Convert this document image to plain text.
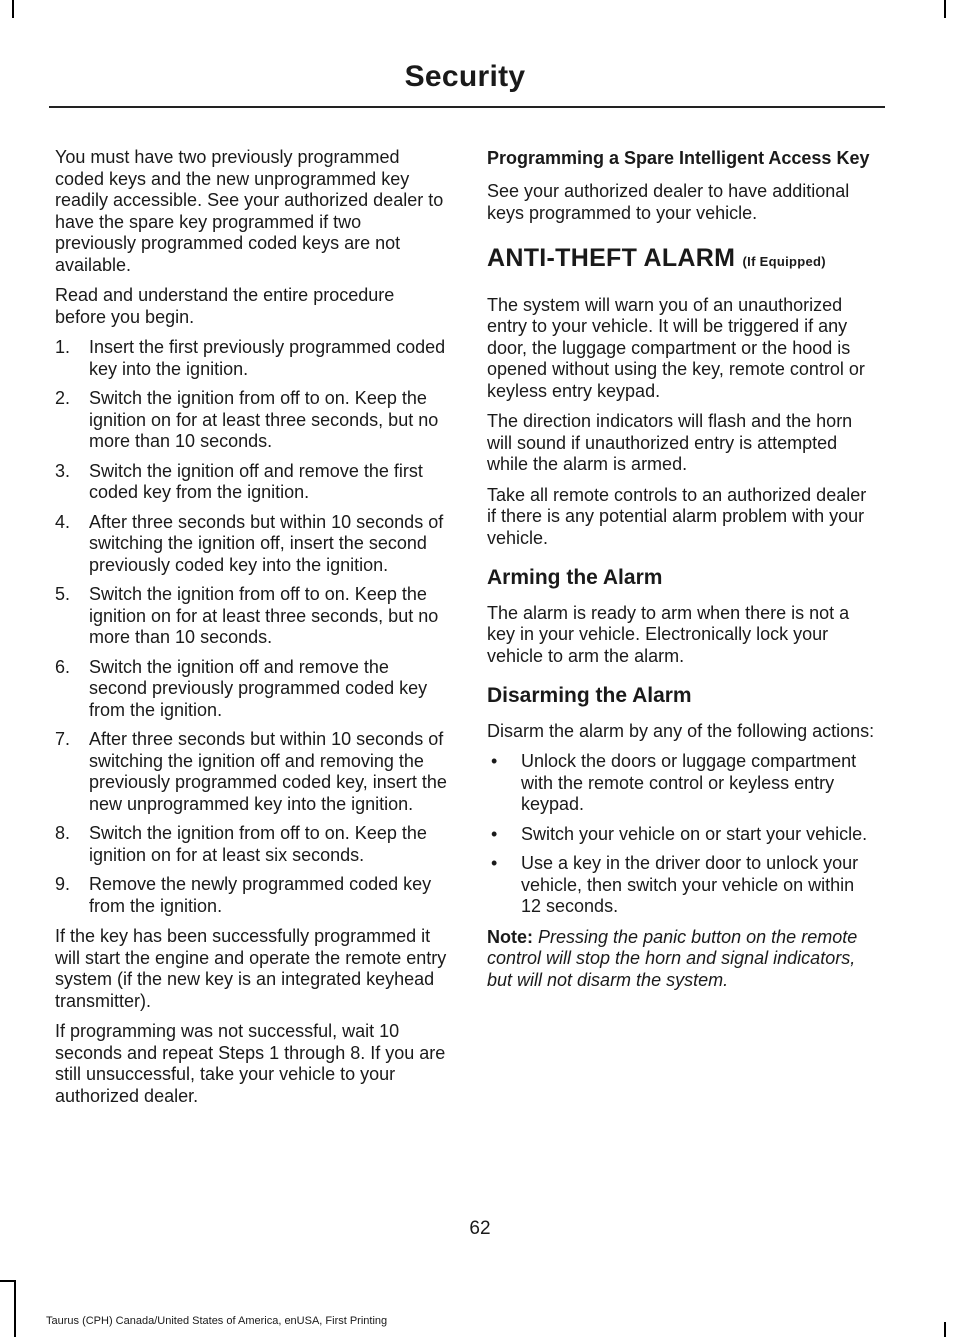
Security

You must have two previously programmed coded keys and the new unprogrammed key readily accessible. See your authorized dealer to have the spare key programmed if two previously programmed coded keys are not available.

Read and understand the entire procedure before you begin.

1. Insert the first previously programmed coded key into the ignition.
2. Switch the ignition from off to on. Keep the ignition on for at least three seconds, but no more than 10 seconds.
3. Switch the ignition off and remove the first coded key from the ignition.
4. After three seconds but within 10 seconds of switching the ignition off, insert the second previously coded key into the ignition.
5. Switch the ignition from off to on. Keep the ignition on for at least three seconds, but no more than 10 seconds.
6. Switch the ignition off and remove the second previously programmed coded key from the ignition.
7. After three seconds but within 10 seconds of switching the ignition off and removing the previously programmed coded key, insert the new unprogrammed key into the ignition.
8. Switch the ignition from off to on. Keep the ignition on for at least six seconds.
9. Remove the newly programmed coded key from the ignition.

If the key has been successfully programmed it will start the engine and operate the remote entry system (if the new key is an integrated keyhead transmitter).

If programming was not successful, wait 10 seconds and repeat Steps 1 through 8. If you are still unsuccessful, take your vehicle to your authorized dealer.

Programming a Spare Intelligent Access Key

See your authorized dealer to have additional keys programmed to your vehicle.

ANTI-THEFT ALARM (If Equipped)

The system will warn you of an unauthorized entry to your vehicle. It will be triggered if any door, the luggage compartment or the hood is opened without using the key, remote control or keyless entry keypad.

The direction indicators will flash and the horn will sound if unauthorized entry is attempted while the alarm is armed.

Take all remote controls to an authorized dealer if there is any potential alarm problem with your vehicle.

Arming the Alarm

The alarm is ready to arm when there is not a key in your vehicle. Electronically lock your vehicle to arm the alarm.

Disarming the Alarm

Disarm the alarm by any of the following actions:

• Unlock the doors or luggage compartment with the remote control or keyless entry keypad.
• Switch your vehicle on or start your vehicle.
• Use a key in the driver door to unlock your vehicle, then switch your vehicle on within 12 seconds.

Note: Pressing the panic button on the remote control will stop the horn and signal indicators, but will not disarm the system.

62
Taurus (CPH) Canada/United States of America, enUSA, First Printing
